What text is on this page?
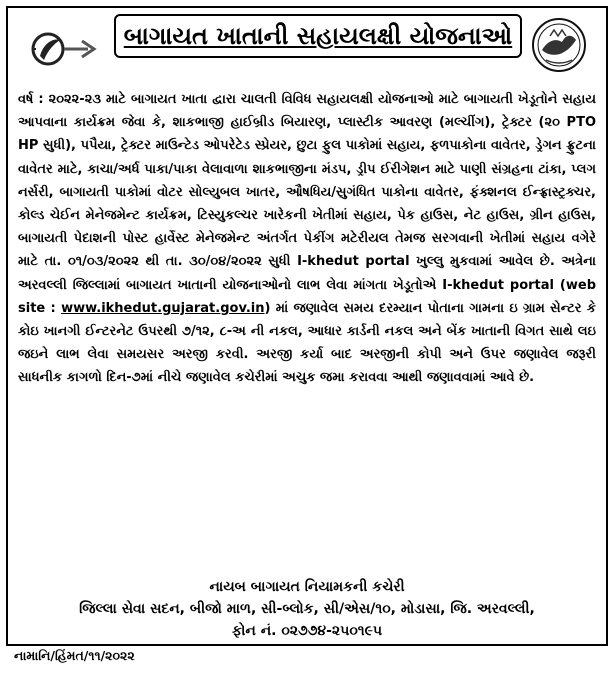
બાગાયત ખાતાની સહાયલક્ષી યોજનાઓ
વર્ષ : ૨૦૨૨-૨૩ માટે બાગાયત ખાતા દ્વારા ચાલતી વિવિધ સહાયલક્ષી યોજનાઓ માટે બાગાયતી ખેડૂતોને સહાય આપવાના કાર્યક્રમ જેવા કે, શાકભાજી હાઈબ્રીડ બિયારણ, પ્લાસ્ટીક આવરણ (મલ્ચીંગ), ટ્રેક્ટર (૨૦ PTO HP સુધી), પપૈયા, ટ્રેક્ટર માઉન્ટેડ ઓપરેટેડ સ્પ્રેયર, છુટા ફુલ પાકોમાં સહાય, ફળપાકોના વાવેતર, ડ્રેગન ફ્રુટના વાવેતર માટે, કાચા/અર્ધ પાકા/પાકા વેલાવાળા શાકભાજીના મંડપ, ડ્રીપ ઈરીગેશન માટે પાણી સંગ્રહના ટાંકા, પ્લગ નર્સરી, બાગાયતી પાકોમાં વોટર સોલ્યુબલ ખાતર, ઔષધિય/સુગંધિત પાકોના વાવેતર, ફંક્શનલ ઈન્ફ્રાસ્ટ્રક્ચર, કોલ્ડ ચેઈન મેનેજમેન્ટ કાર્યક્રમ, ટિસ્યુકલ્ચર ખારેકની ખેતીમાં સહાય, પેક હાઉસ, નેટ હાઉસ, ગ્રીન હાઉસ, બાગાયતી પેદાશની પોસ્ટ હાર્વેસ્ટ મેનેજમેન્ટ અંતર્ગત પેકીંગ મટેરીયલ તેમજ સરગવાની ખેતીમાં સહાય વગેરે માટે તા. ૦૧/૦૩/૨૦૨૨ થી તા. ૩૦/૦૪/૨૦૨૨ સુધી I-khedut portal ખુલ્લુ મુકવામાં આવેલ છે. અત્રેના અરવલ્લી જિલ્લામાં બાગાયત ખાતાની યોજનાઓનો લાભ લેવા માંગતા ખેડૂતોએ I-khedut portal (web site : www.ikhedut.gujarat.gov.in) માં જણાવેલ સમય દરમ્યાન પોતાના ગામના ઇ ગ્રામ સેન્ટર કે કોઇ ખાનગી ઈન્ટરનેટ ઉપરથી ૭/૧૨, ૮-અ ની નકલ, આધાર કાર્ડની નકલ અને બેંક ખાતાની વિગત સાથે લઇ જઇને લાભ લેવા સમયસર અરજી કરવી. અરજી કર્યા બાદ અરજીની કોપી અને ઉપર જણાવેલ જરૂરી સાધનીક કાગળો દિન-૭માં નીચે જણાવેલ કચેરીમાં અચુક જમા કરાવવા આથી જણાવવામાં આવે છે.
નાયબ બાગાયત નિયામકની કચેરી
જિલ્લા સેવા સદન, બીજો માળ, સી-બ્લોક, સી/એસ/૧૦, મોડાસા, જિ. અરવલ્લી,
ફોન નં. ૦૨૭૭૪-૨૫૦૧૯૫
નામાનિ/હિંમત/૧૧/૨૦૨૨
